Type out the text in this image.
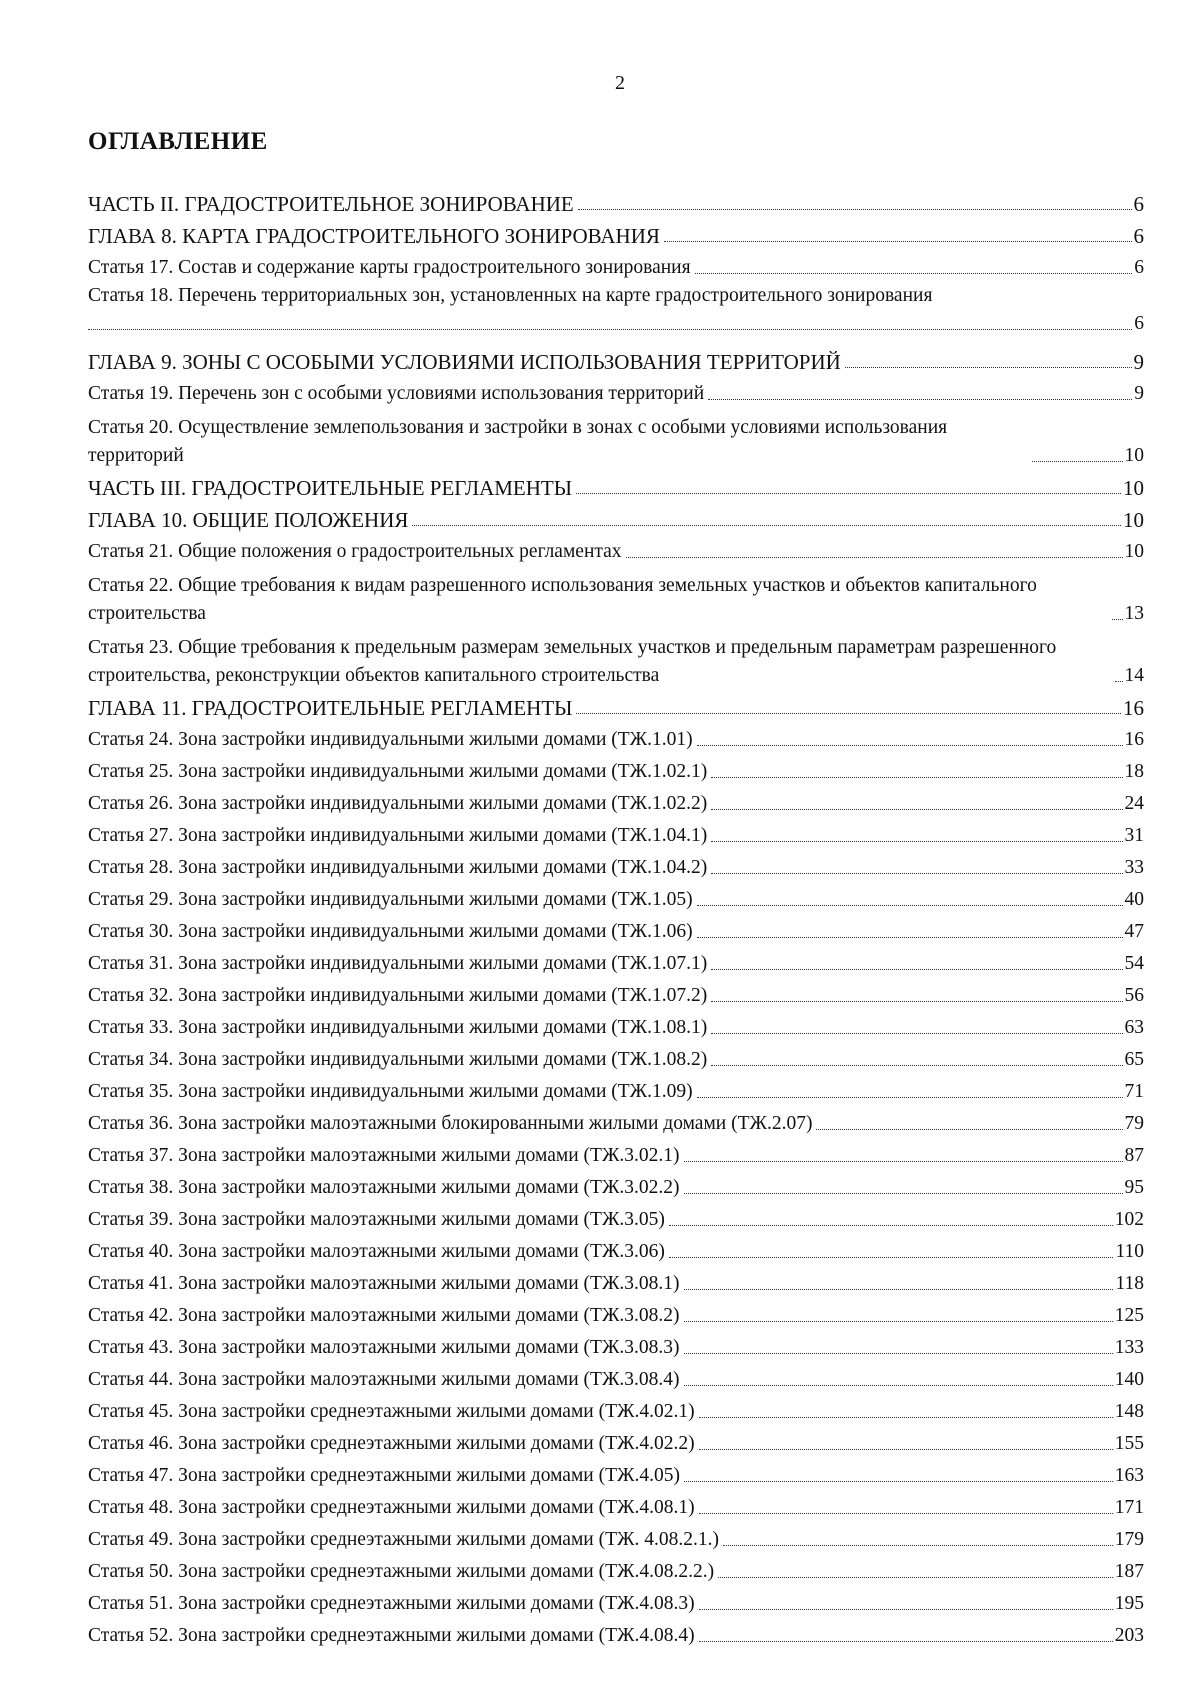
2
ОГЛАВЛЕНИЕ
ЧАСТЬ II. ГРАДОСТРОИТЕЛЬНОЕ ЗОНИРОВАНИЕ	6
ГЛАВА 8. КАРТА ГРАДОСТРОИТЕЛЬНОГО ЗОНИРОВАНИЯ	6
Статья 17. Состав и содержание карты градостроительного зонирования	6
Статья 18. Перечень территориальных зон, установленных на карте градостроительного зонирования
6
ГЛАВА 9. ЗОНЫ С ОСОБЫМИ УСЛОВИЯМИ ИСПОЛЬЗОВАНИЯ ТЕРРИТОРИЙ	9
Статья 19. Перечень зон с особыми условиями использования территорий	9
Статья 20. Осуществление землепользования и застройки в зонах с особыми условиями использования территорий	10
ЧАСТЬ III. ГРАДОСТРОИТЕЛЬНЫЕ РЕГЛАМЕНТЫ	10
ГЛАВА 10. ОБЩИЕ ПОЛОЖЕНИЯ	10
Статья 21. Общие положения о градостроительных регламентах	10
Статья 22. Общие требования к видам разрешенного использования земельных участков и объектов капитального строительства	13
Статья 23. Общие требования к предельным размерам земельных участков и предельным параметрам разрешенного строительства, реконструкции объектов капитального строительства	14
ГЛАВА 11. ГРАДОСТРОИТЕЛЬНЫЕ РЕГЛАМЕНТЫ	16
Статья 24. Зона застройки индивидуальными жилыми домами (ТЖ.1.01)	16
Статья 25. Зона застройки индивидуальными жилыми домами (ТЖ.1.02.1)	18
Статья 26. Зона застройки индивидуальными жилыми домами (ТЖ.1.02.2)	24
Статья 27. Зона застройки индивидуальными жилыми домами (ТЖ.1.04.1)	31
Статья 28. Зона застройки индивидуальными жилыми домами (ТЖ.1.04.2)	33
Статья 29. Зона застройки индивидуальными жилыми домами (ТЖ.1.05)	40
Статья 30. Зона застройки индивидуальными жилыми домами (ТЖ.1.06)	47
Статья 31. Зона застройки индивидуальными жилыми домами (ТЖ.1.07.1)	54
Статья 32. Зона застройки индивидуальными жилыми домами (ТЖ.1.07.2)	56
Статья 33. Зона застройки индивидуальными жилыми домами (ТЖ.1.08.1)	63
Статья 34. Зона застройки индивидуальными жилыми домами (ТЖ.1.08.2)	65
Статья 35. Зона застройки индивидуальными жилыми домами (ТЖ.1.09)	71
Статья 36. Зона застройки малоэтажными блокированными жилыми домами (ТЖ.2.07)	79
Статья 37. Зона застройки малоэтажными жилыми домами (ТЖ.3.02.1)	87
Статья 38. Зона застройки малоэтажными жилыми домами (ТЖ.3.02.2)	95
Статья 39. Зона застройки малоэтажными жилыми домами (ТЖ.3.05)	102
Статья 40. Зона застройки малоэтажными жилыми домами (ТЖ.3.06)	110
Статья 41. Зона застройки малоэтажными жилыми домами (ТЖ.3.08.1)	118
Статья 42. Зона застройки малоэтажными жилыми домами (ТЖ.3.08.2)	125
Статья 43. Зона застройки малоэтажными жилыми домами (ТЖ.3.08.3)	133
Статья 44. Зона застройки малоэтажными жилыми домами (ТЖ.3.08.4)	140
Статья 45. Зона застройки среднеэтажными жилыми домами (ТЖ.4.02.1)	148
Статья 46. Зона застройки среднеэтажными жилыми домами (ТЖ.4.02.2)	155
Статья 47. Зона застройки среднеэтажными жилыми домами (ТЖ.4.05)	163
Статья 48. Зона застройки среднеэтажными жилыми домами (ТЖ.4.08.1)	171
Статья 49. Зона застройки среднеэтажными жилыми домами (ТЖ. 4.08.2.1.)	179
Статья 50. Зона застройки среднеэтажными жилыми домами (ТЖ.4.08.2.2.)	187
Статья 51. Зона застройки среднеэтажными жилыми домами (ТЖ.4.08.3)	195
Статья 52. Зона застройки среднеэтажными жилыми домами (ТЖ.4.08.4)	203
